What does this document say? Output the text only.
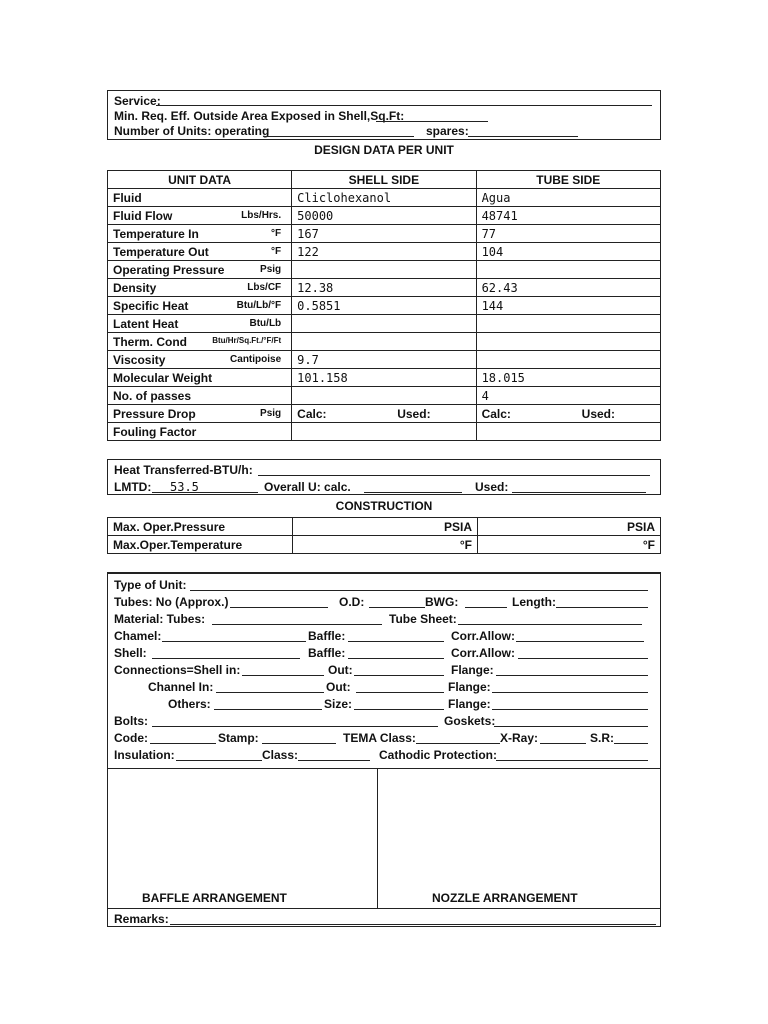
Service:
Min. Req. Eff. Outside Area Exposed in Shell,Sq.Ft:
Number of Units: operating	spares:
DESIGN DATA PER UNIT
UNIT DATA	SHELL SIDE	TUBE SIDE
Fluid	Cliclohexanol	Agua
Fluid Flow Lbs/Hrs.	50000	48741
Temperature In °F	167	77
Temperature Out °F	122	104
Operating Pressure Psig		

Density Lbs/CF	12.38	62.43
Specific Heat Btu/Lb/°F	0.5851	144
Latent Heat Btu/Lb		

Therm. Cond Btu/Hr/Sq.Ft./°F/Ft		

Viscosity Cantipoise	9.7	
Molecular Weight	101.158	18.015
No. of passes		4
Pressure Drop Psig	Calc: Used:	Calc: Used:

Fouling Factor		
Heat Transferred-BTU/h:
LMTD: 53.5	Overall U: calc.	Used:
CONSTRUCTION
Max. Oper.Pressure	PSIA	PSIA
Max.Oper.Temperature	°F	°F
Type of Unit:
Tubes: No (Approx.)	O.D:	BWG:	Length:
Material: Tubes:	Tube Sheet:
Chamel:	Baffle:	Corr.Allow:
Shell:	Baffle:	Corr.Allow:
Connections=Shell in:	Out:	Flange:
Channel In:	Out:	Flange:
Others:	Size:	Flange:
Bolts:	Goskets:
Code:	Stamp:	TEMA Class:	X-Ray:	S.R:
Insulation:	Class:	Cathodic Protection:
BAFFLE ARRANGEMENT	NOZZLE ARRANGEMENT
Remarks:
